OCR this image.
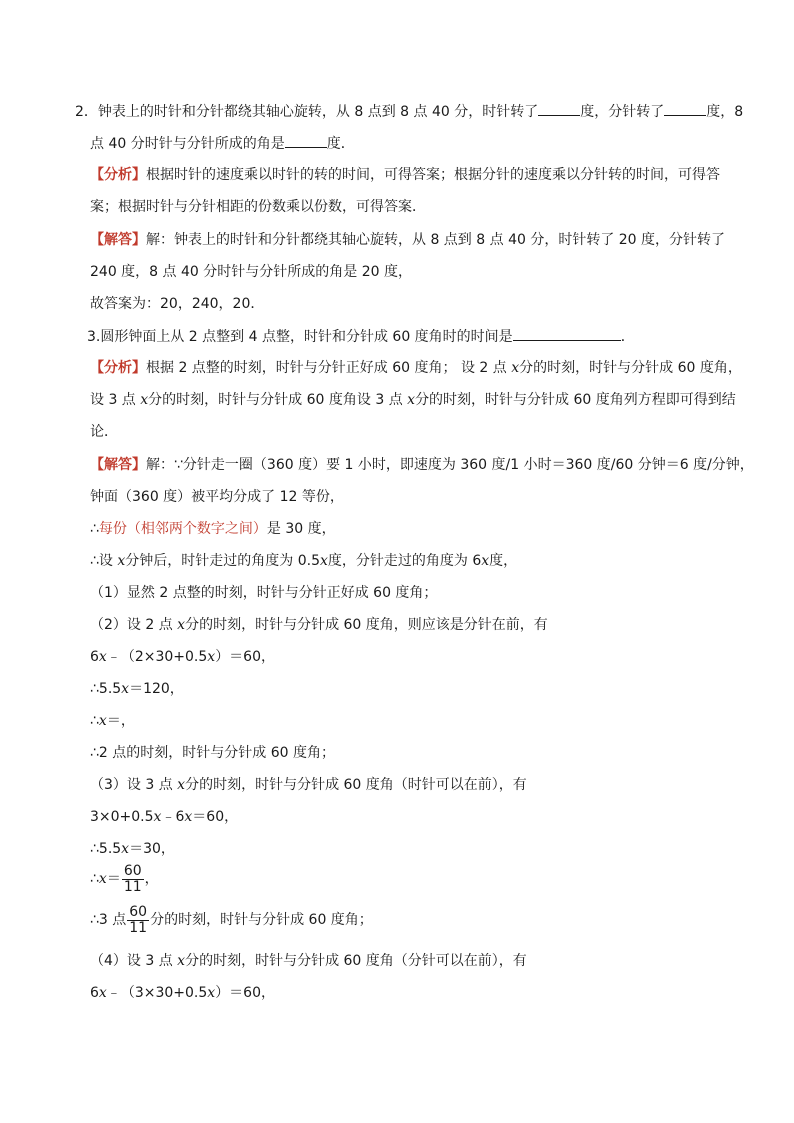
2．钟表上的时针和分针都绕其轴心旋转，从 8 点到 8 点 40 分，时针转了	度，分针转了	度，8
点 40 分时针与分针所成的角是	度．
【分析】根据时针的速度乘以时针的转的时间，可得答案；根据分针的速度乘以分针转的时间，可得答
案；根据时针与分针相距的份数乘以份数，可得答案．
【解答】解：钟表上的时针和分针都绕其轴心旋转，从 8 点到 8 点 40 分，时针转了 20 度，分针转了
240 度，8 点 40 分时针与分针所成的角是 20 度，
故答案为：20，240，20．
3.圆形钟面上从 2 点整到 4 点整，时针和分针成 60 度角时的时间是	．
【分析】根据 2 点整的时刻，时针与分针正好成 60 度角； 设 2 点 x分的时刻，时针与分针成 60 度角，
设 3 点 x分的时刻，时针与分针成 60 度角设 3 点 x分的时刻，时针与分针成 60 度角列方程即可得到结
论．
【解答】解：∵分针走一圈（360 度）要 1 小时，即速度为 360 度/1 小时＝360 度/60 分钟＝6 度/分钟，
钟面（360 度）被平均分成了 12 等份，
∴每份（相邻两个数字之间）是 30 度，
∴设 x分钟后，时针走过的角度为 0.5x度，分针走过的角度为 6x度，
（1）显然 2 点整的时刻，时针与分针正好成 60 度角；
（2）设 2 点 x分的时刻，时针与分针成 60 度角，则应该是分针在前，有
6x﹣（2×30+0.5x）＝60，
∴5.5x＝120，
∴x＝，
∴2 点的时刻，时针与分针成 60 度角；
（3）设 3 点 x分的时刻，时针与分针成 60 度角（时针可以在前），有
3×0+0.5x﹣6x＝60，
∴5.5x＝30，
∴x＝ $\frac{60}{11}$ ，
∴3 点 $\frac{60}{11}$ 分的时刻，时针与分针成 60 度角；
（4）设 3 点 x分的时刻，时针与分针成 60 度角（分针可以在前），有
6x﹣（3×30+0.5x）＝60，
